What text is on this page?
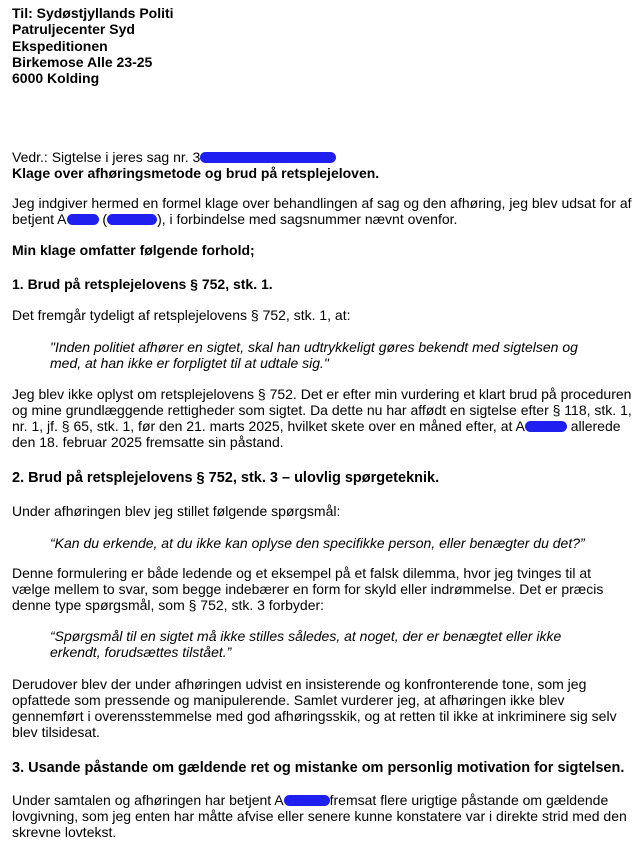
Til: Sydøstjyllands Politi
Patruljecenter Syd
Ekspeditionen
Birkemose Alle 23-25
6000 Kolding
Vedr.: Sigtelse i jeres sag nr. 3
Klage over afhøringsmetode og brud på retsplejeloven.
Jeg indgiver hermed en formel klage over behandlingen af sag og den afhøring, jeg blev udsat for af betjent A (	), i forbindelse med sagsnummer nævnt ovenfor.
Min klage omfatter følgende forhold;
1. Brud på retsplejelovens § 752, stk. 1.
Det fremgår tydeligt af retsplejelovens § 752, stk. 1, at:
"Inden politiet afhører en sigtet, skal han udtrykkeligt gøres bekendt med sigtelsen og med, at han ikke er forpligtet til at udtale sig."
Jeg blev ikke oplyst om retsplejelovens § 752. Det er efter min vurdering et klart brud på proceduren og mine grundlæggende rettigheder som sigtet. Da dette nu har affødt en sigtelse efter § 118, stk. 1, nr. 1, jf. § 65, stk. 1, før den 21. marts 2025, hvilket skete over en måned efter, at A	allerede den 18. februar 2025 fremsatte sin påstand.
2. Brud på retsplejelovens § 752, stk. 3 – ulovlig spørgeteknik.
Under afhøringen blev jeg stillet følgende spørgsmål:
“Kan du erkende, at du ikke kan oplyse den specifikke person, eller benægter du det?”
Denne formulering er både ledende og et eksempel på et falsk dilemma, hvor jeg tvinges til at vælge mellem to svar, som begge indebærer en form for skyld eller indrømmelse. Det er præcis denne type spørgsmål, som § 752, stk. 3 forbyder:
“Spørgsmål til en sigtet må ikke stilles således, at noget, der er benægtet eller ikke erkendt, forudsættes tilstået.”
Derudover blev der under afhøringen udvist en insisterende og konfronterende tone, som jeg opfattede som pressende og manipulerende. Samlet vurderer jeg, at afhøringen ikke blev gennemført i overensstemmelse med god afhøringsskik, og at retten til ikke at inkriminere sig selv blev tilsidesat.
3. Usande påstande om gældende ret og mistanke om personlig motivation for sigtelsen.
Under samtalen og afhøringen har betjent A	fremsat flere urigtige påstande om gældende lovgivning, som jeg enten har måtte afvise eller senere kunne konstatere var i direkte strid med den skrevne lovtekst.
